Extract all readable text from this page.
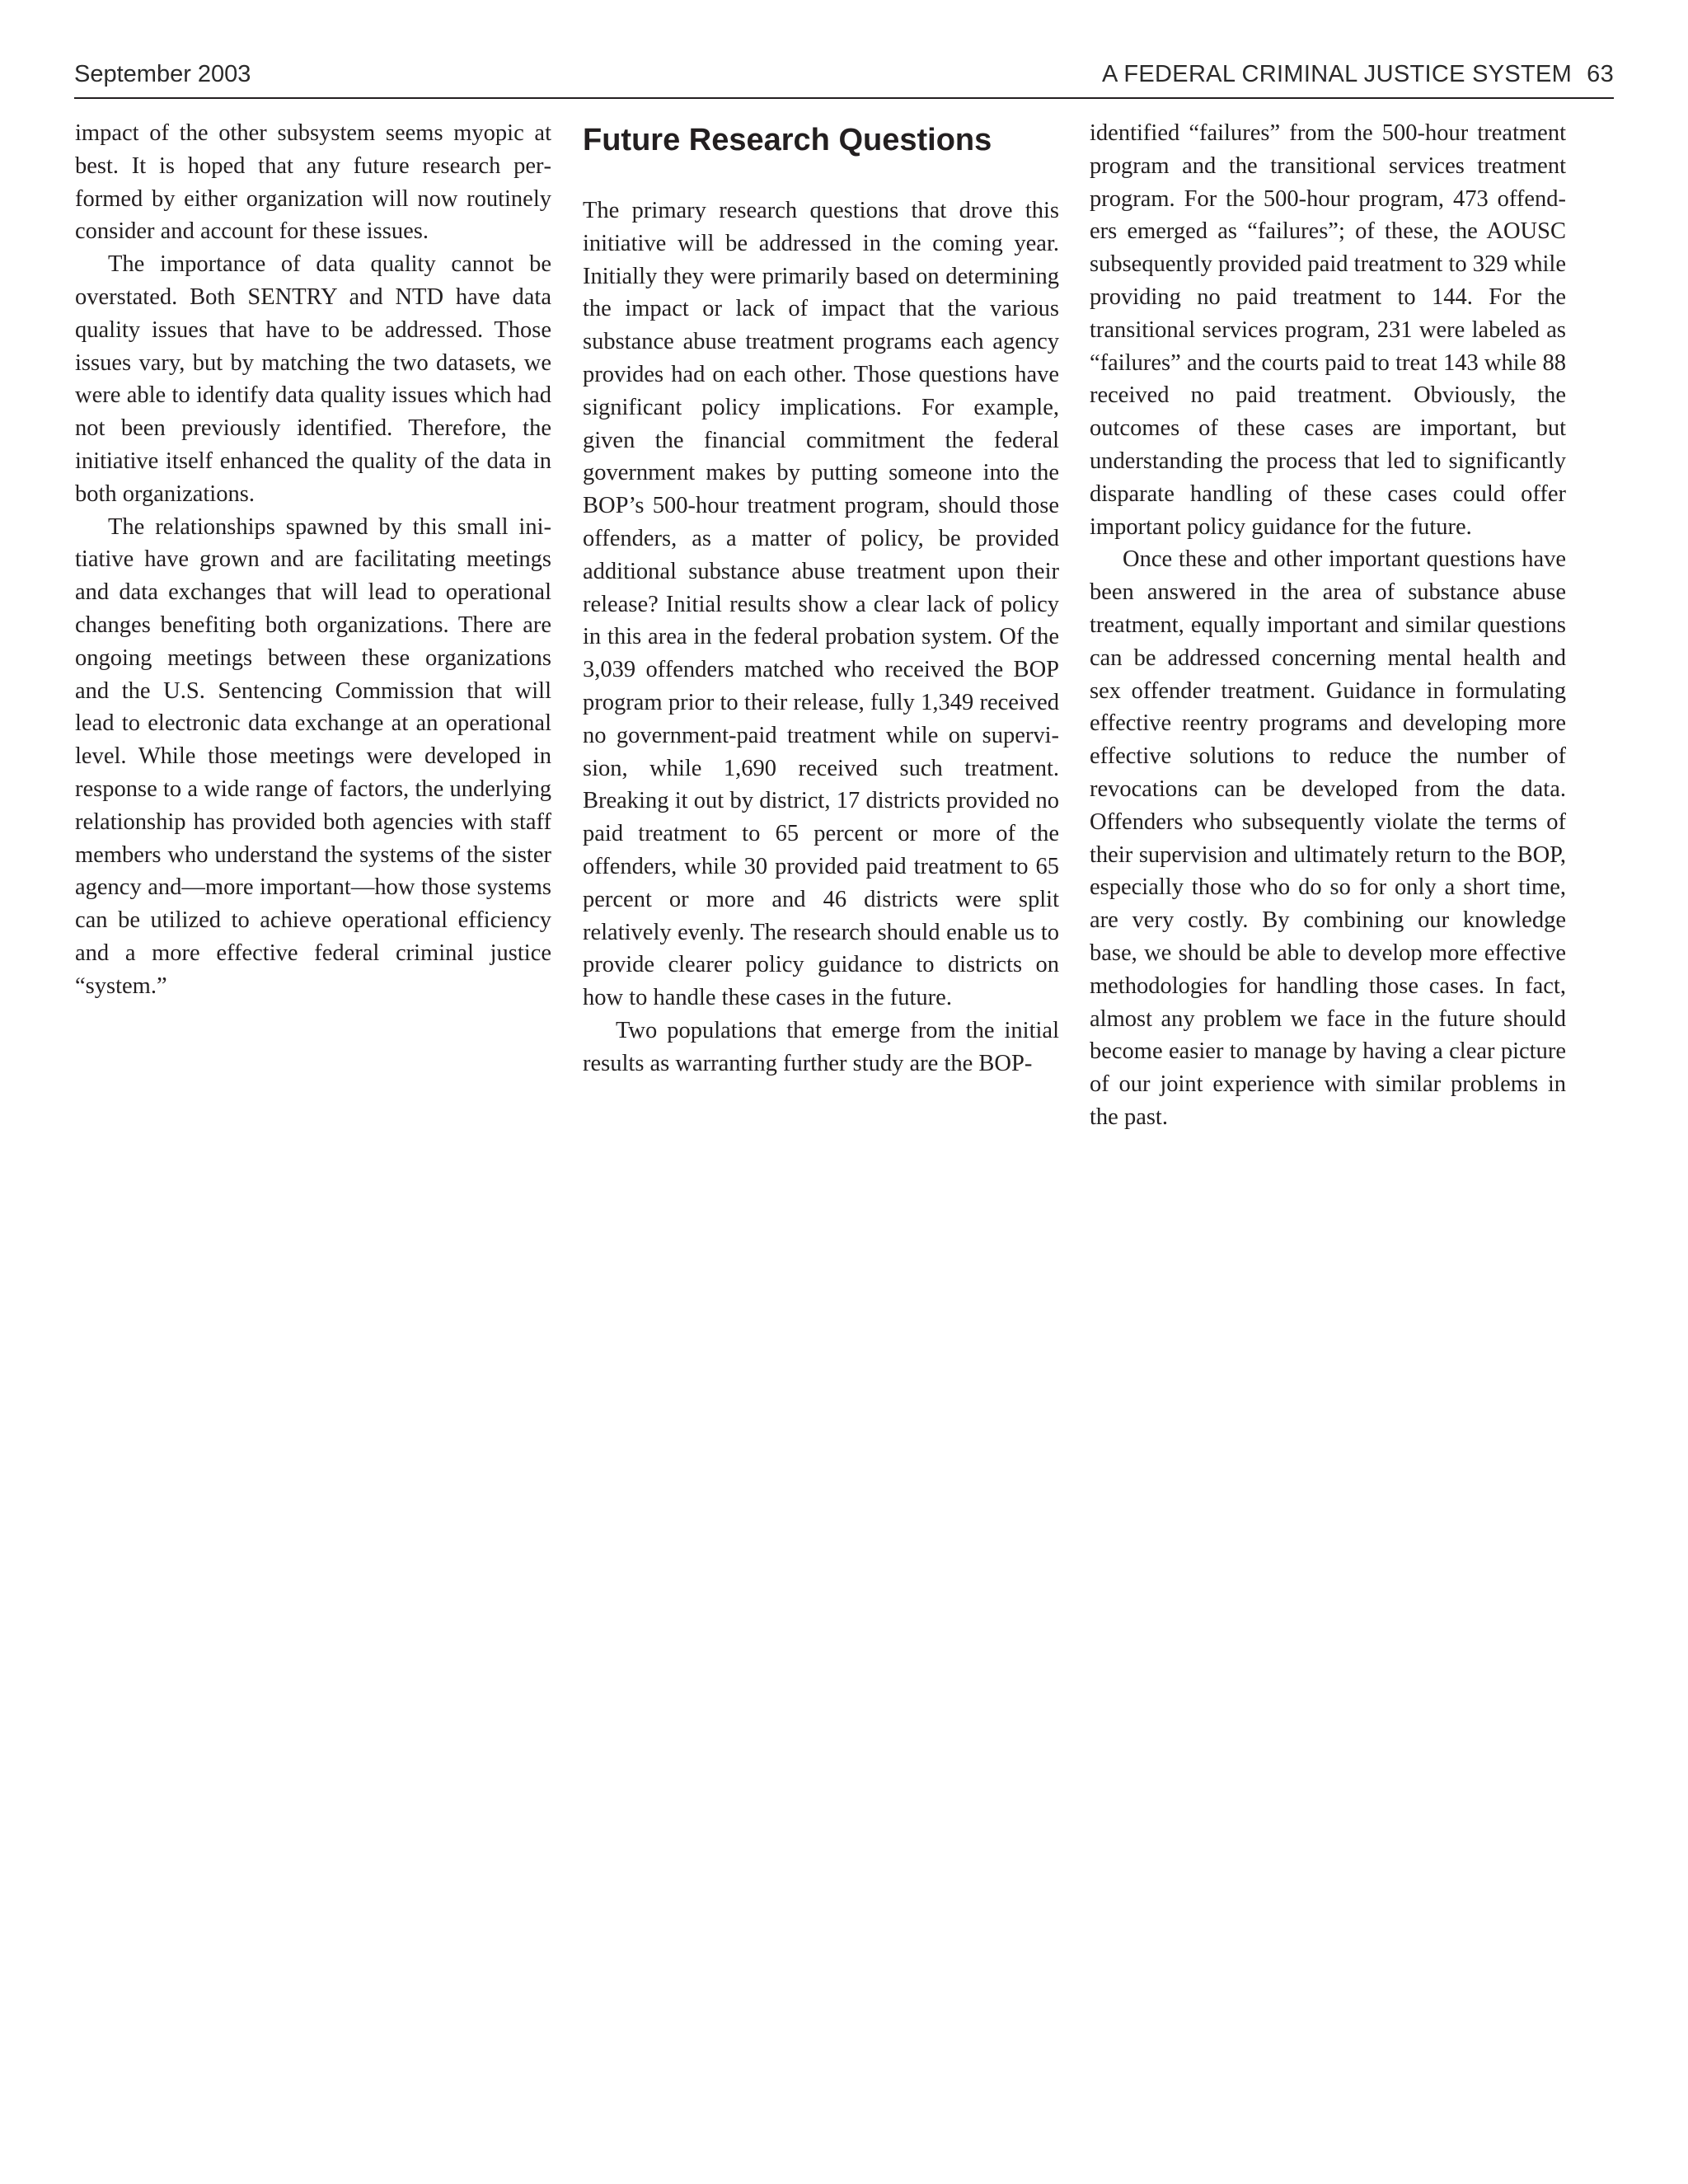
September 2003	A FEDERAL CRIMINAL JUSTICE SYSTEM 63

impact of the other subsystem seems myopic at best. It is hoped that any future research performed by either organization will now routinely consider and account for these issues.

The importance of data quality cannot be overstated. Both SENTRY and NTD have data quality issues that have to be addressed. Those issues vary, but by matching the two datasets, we were able to identify data quality issues which had not been previously identified. Therefore, the initiative itself enhanced the quality of the data in both organizations.

The relationships spawned by this small initiative have grown and are facilitating meetings and data exchanges that will lead to operational changes benefiting both organizations. There are ongoing meetings between these organizations and the U.S. Sentencing Commission that will lead to electronic data exchange at an operational level. While those meetings were developed in response to a wide range of factors, the underlying relationship has provided both agencies with staff members who understand the systems of the sister agency and—more important—how those systems can be utilized to achieve operational efficiency and a more effective federal criminal justice “system.”

Future Research Questions

The primary research questions that drove this initiative will be addressed in the coming year. Initially they were primarily based on determining the impact or lack of impact that the various substance abuse treatment programs each agency provides had on each other. Those questions have significant policy implications. For example, given the financial commitment the federal government makes by putting someone into the BOP’s 500-hour treatment program, should those offenders, as a matter of policy, be provided additional substance abuse treatment upon their release? Initial results show a clear lack of policy in this area in the federal probation system. Of the 3,039 offenders matched who received the BOP program prior to their release, fully 1,349 received no government-paid treatment while on supervision, while 1,690 received such treatment. Breaking it out by district, 17 districts provided no paid treatment to 65 percent or more of the offenders, while 30 provided paid treatment to 65 percent or more and 46 districts were split relatively evenly. The research should enable us to provide clearer policy guidance to districts on how to handle these cases in the future.

Two populations that emerge from the initial results as warranting further study are the BOP-

identified “failures” from the 500-hour treatment program and the transitional services treatment program. For the 500-hour program, 473 offenders emerged as “failures”; of these, the AOUSC subsequently provided paid treatment to 329 while providing no paid treatment to 144. For the transitional services program, 231 were labeled as “failures” and the courts paid to treat 143 while 88 received no paid treatment. Obviously, the outcomes of these cases are important, but understanding the process that led to significantly disparate handling of these cases could offer important policy guidance for the future.

Once these and other important questions have been answered in the area of substance abuse treatment, equally important and similar questions can be addressed concerning mental health and sex offender treatment. Guidance in formulating effective reentry programs and developing more effective solutions to reduce the number of revocations can be developed from the data. Offenders who subsequently violate the terms of their supervision and ultimately return to the BOP, especially those who do so for only a short time, are very costly. By combining our knowledge base, we should be able to develop more effective methodologies for handling those cases. In fact, almost any problem we face in the future should become easier to manage by having a clear picture of our joint experience with similar problems in the past.
